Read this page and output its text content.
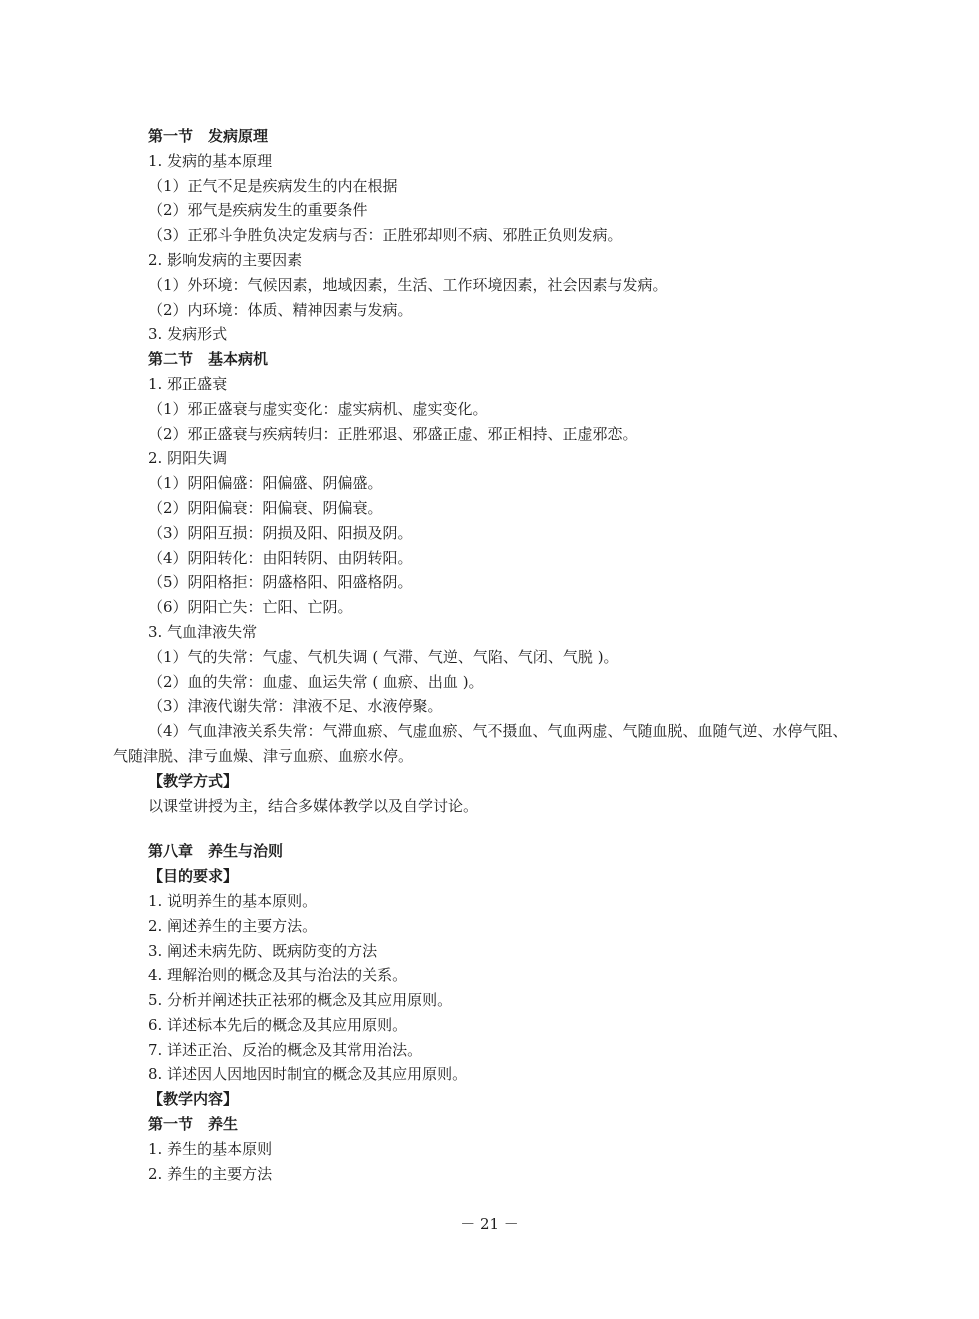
第一节　发病原理
1. 发病的基本原理
（1）正气不足是疾病发生的内在根据
（2）邪气是疾病发生的重要条件
（3）正邪斗争胜负决定发病与否：正胜邪却则不病、邪胜正负则发病。
2. 影响发病的主要因素
（1）外环境：气候因素，地域因素，生活、工作环境因素，社会因素与发病。
（2）内环境：体质、精神因素与发病。
3. 发病形式
第二节　基本病机
1. 邪正盛衰
（1）邪正盛衰与虚实变化：虚实病机、虚实变化。
（2）邪正盛衰与疾病转归：正胜邪退、邪盛正虚、邪正相持、正虚邪恋。
2. 阴阳失调
（1）阴阳偏盛：阳偏盛、阴偏盛。
（2）阴阳偏衰：阳偏衰、阴偏衰。
（3）阴阳互损：阴损及阳、阳损及阴。
（4）阴阳转化：由阳转阴、由阴转阳。
（5）阴阳格拒：阴盛格阳、阳盛格阴。
（6）阴阳亡失：亡阳、亡阴。
3. 气血津液失常
（1）气的失常：气虚、气机失调 ( 气滞、气逆、气陷、气闭、气脱 )。
（2）血的失常：血虚、血运失常 ( 血瘀、出血 )。
（3）津液代谢失常：津液不足、水液停聚。
（4）气血津液关系失常：气滞血瘀、气虚血瘀、气不摄血、气血两虚、气随血脱、血随气逆、水停气阻、
气随津脱、津亏血燥、津亏血瘀、血瘀水停。
【教学方式】
以课堂讲授为主，结合多媒体教学以及自学讨论。
第八章　养生与治则
【目的要求】
1. 说明养生的基本原则。
2. 阐述养生的主要方法。
3. 阐述未病先防、既病防变的方法
4. 理解治则的概念及其与治法的关系。
5. 分析并阐述扶正祛邪的概念及其应用原则。
6. 详述标本先后的概念及其应用原则。
7. 详述正治、反治的概念及其常用治法。
8. 详述因人因地因时制宜的概念及其应用原则。
【教学内容】
第一节　养生
1. 养生的基本原则
2. 养生的主要方法
－ 21 －
